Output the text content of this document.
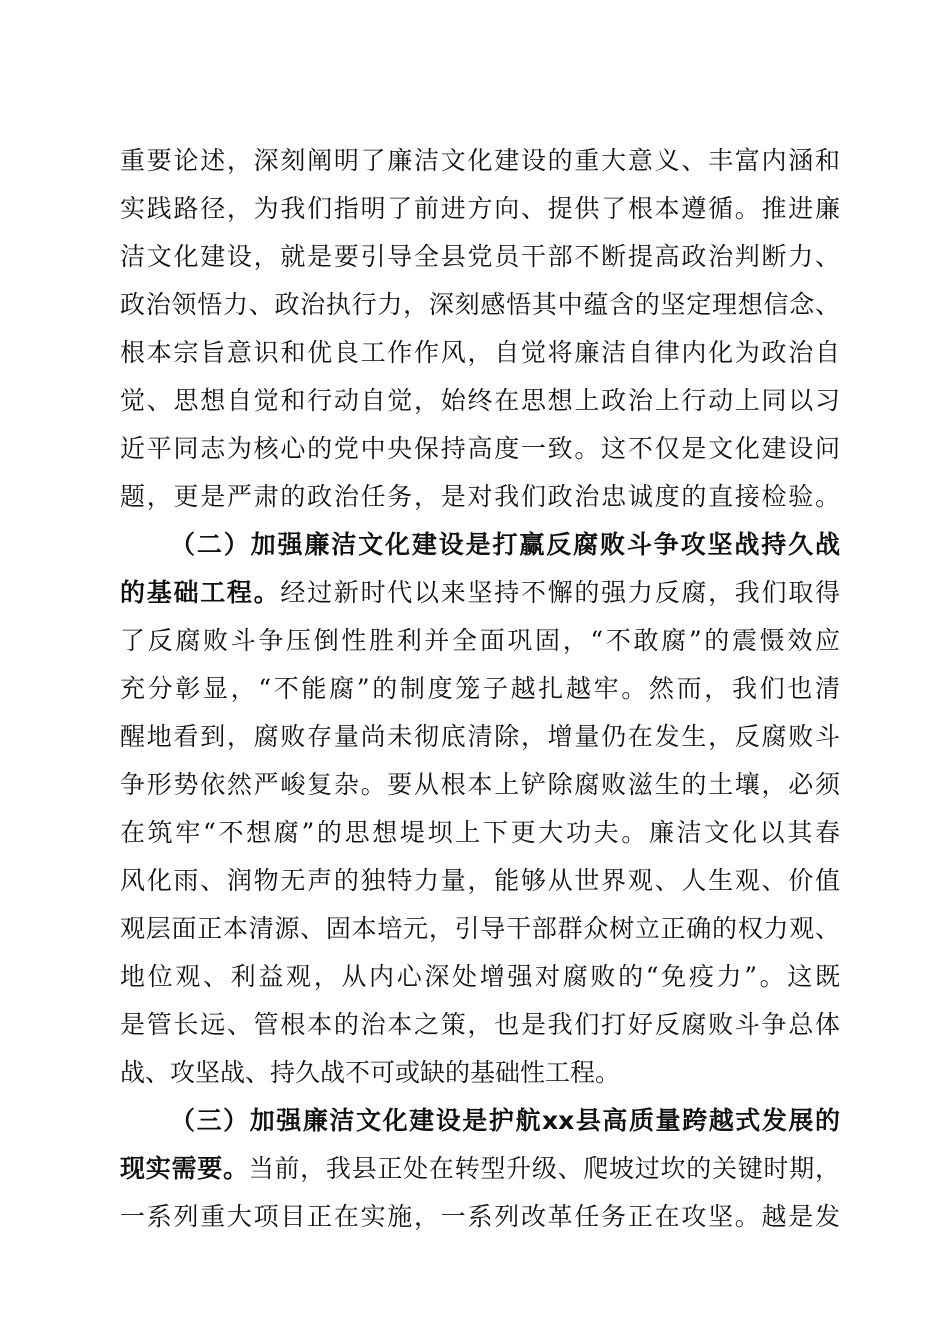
重要论述，深刻阐明了廉洁文化建设的重大意义、丰富内涵和
实践路径，为我们指明了前进方向、提供了根本遵循。推进廉
洁文化建设，就是要引导全县党员干部不断提高政治判断力、
政治领悟力、政治执行力，深刻感悟其中蕴含的坚定理想信念、
根本宗旨意识和优良工作作风，自觉将廉洁自律内化为政治自
觉、思想自觉和行动自觉，始终在思想上政治上行动上同以习
近平同志为核心的党中央保持高度一致。这不仅是文化建设问
题，更是严肃的政治任务，是对我们政治忠诚度的直接检验。
（二）加强廉洁文化建设是打赢反腐败斗争攻坚战持久战
的基础工程。经过新时代以来坚持不懈的强力反腐，我们取得
了反腐败斗争压倒性胜利并全面巩固，“不敢腐”的震慑效应
充分彰显，“不能腐”的制度笼子越扎越牢。然而，我们也清
醒地看到，腐败存量尚未彻底清除，增量仍在发生，反腐败斗
争形势依然严峻复杂。要从根本上铲除腐败滋生的土壤，必须
在筑牢“不想腐”的思想堤坝上下更大功夫。廉洁文化以其春
风化雨、润物无声的独特力量，能够从世界观、人生观、价值
观层面正本清源、固本培元，引导干部群众树立正确的权力观、
地位观、利益观，从内心深处增强对腐败的“免疫力”。这既
是管长远、管根本的治本之策，也是我们打好反腐败斗争总体
战、攻坚战、持久战不可或缺的基础性工程。
（三）加强廉洁文化建设是护航xx县高质量跨越式发展的
现实需要。当前，我县正处在转型升级、爬坡过坎的关键时期，
一系列重大项目正在实施，一系列改革任务正在攻坚。越是发
